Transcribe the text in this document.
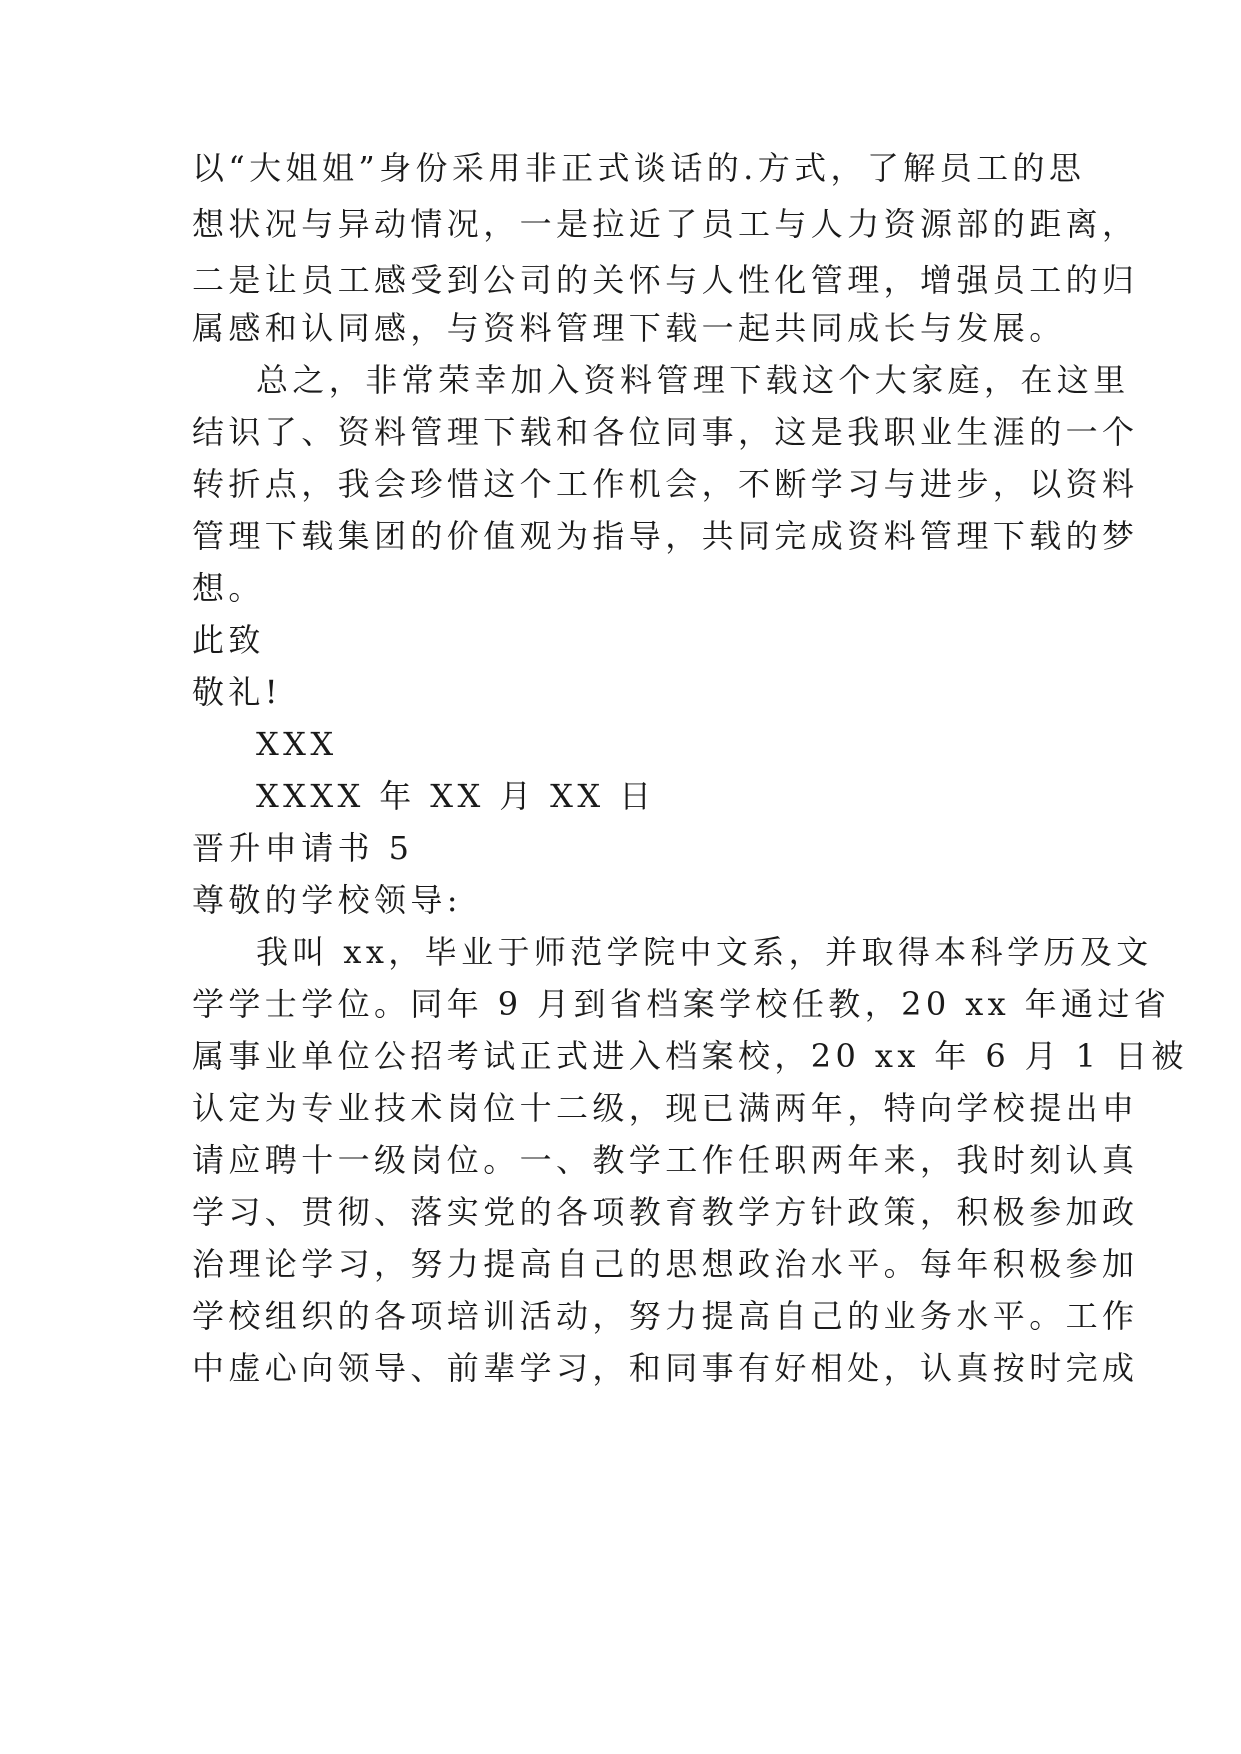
以“大姐姐”身份采用非正式谈话的.方式，了解员工的思
想状况与异动情况，一是拉近了员工与人力资源部的距离，
二是让员工感受到公司的关怀与人性化管理，增强员工的归
属感和认同感，与资料管理下载一起共同成长与发展。
总之，非常荣幸加入资料管理下载这个大家庭，在这里
结识了、资料管理下载和各位同事，这是我职业生涯的一个
转折点，我会珍惜这个工作机会，不断学习与进步，以资料
管理下载集团的价值观为指导，共同完成资料管理下载的梦
想。
此致
敬礼!
XXX
XXXX 年 XX 月 XX 日
晋升申请书 5
尊敬的学校领导:
我叫 xx，毕业于师范学院中文系，并取得本科学历及文
学学士学位。同年 9 月到省档案学校任教，20 xx 年通过省
属事业单位公招考试正式进入档案校，20 xx 年 6 月 1 日被
认定为专业技术岗位十二级，现已满两年，特向学校提出申
请应聘十一级岗位。一、教学工作任职两年来，我时刻认真
学习、贯彻、落实党的各项教育教学方针政策，积极参加政
治理论学习，努力提高自己的思想政治水平。每年积极参加
学校组织的各项培训活动，努力提高自己的业务水平。工作
中虚心向领导、前辈学习，和同事有好相处，认真按时完成
